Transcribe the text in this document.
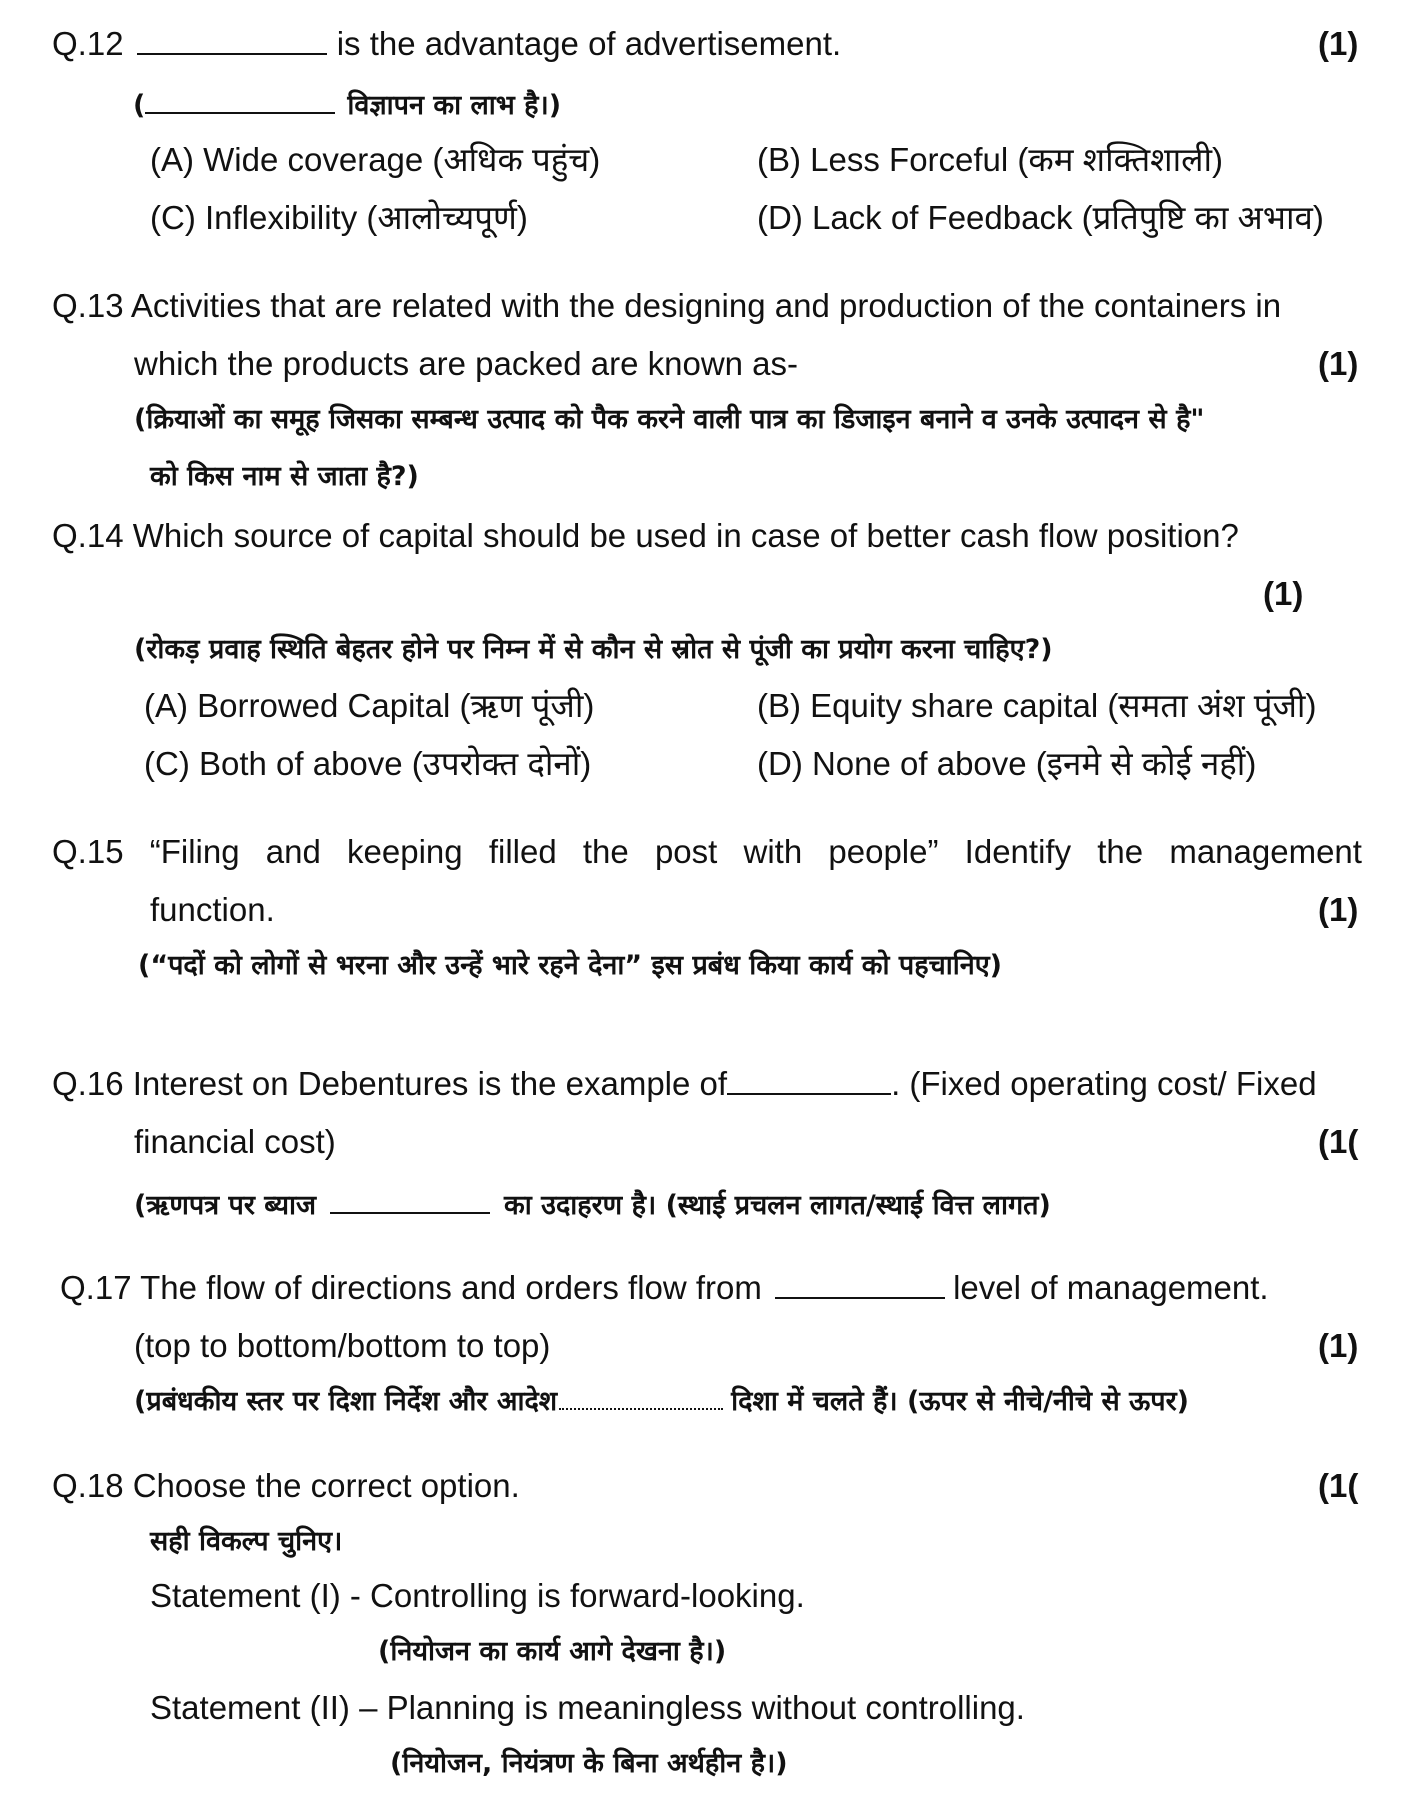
Q.12	is the advantage of advertisement.	(1)
(	विज्ञापन का लाभ है।)
(A) Wide coverage (अधिक पहुंच)	(B) Less Forceful (कम शक्तिशाली)
(C) Inflexibility (आलोच्यपूर्ण)	(D) Lack of Feedback (प्रतिपुष्टि का अभाव)
Q.13 Activities that are related with the designing and production of the containers in
which the products are packed are known as-	(1)
(क्रियाओं का समूह जिसका सम्बन्ध उत्पाद को पैक करने वाली पात्र का डिजाइन बनाने व उनके उत्पादन से है"
को किस नाम से जाता है?)
Q.14 Which source of capital should be used in case of better cash flow position?
(1)
(रोकड़ प्रवाह स्थिति बेहतर होने पर निम्न में से कौन से स्रोत से पूंजी का प्रयोग करना चाहिए?)
(A) Borrowed Capital (ऋण पूंजी)	(B) Equity share capital (समता अंश पूंजी)
(C) Both of above (उपरोक्त दोनों)	(D) None of above (इनमे से कोई नहीं)
Q.15 “Filing and keeping filled the post with people” Identify the management
function.	(1)
(“पदों को लोगों से भरना और उन्हें भारे रहने देना” इस प्रबंध किया कार्य को पहचानिए)
Q.16 Interest on Debentures is the example of	. (Fixed operating cost/ Fixed
financial cost)	(1(
(ऋणपत्र पर ब्याज	का उदाहरण है। (स्थाई प्रचलन लागत/स्थाई वित्त लागत)
Q.17 The flow of directions and orders flow from	level of management.
(top to bottom/bottom to top)	(1)
(प्रबंधकीय स्तर पर दिशा निर्देश और आदेश	दिशा में चलते हैं। (ऊपर से नीचे/नीचे से ऊपर)
Q.18 Choose the correct option.	(1(
सही विकल्प चुनिए।
Statement (I) - Controlling is forward-looking.
(नियोजन का कार्य आगे देखना है।)
Statement (II) – Planning is meaningless without controlling.
(नियोजन, नियंत्रण के बिना अर्थहीन है।)
